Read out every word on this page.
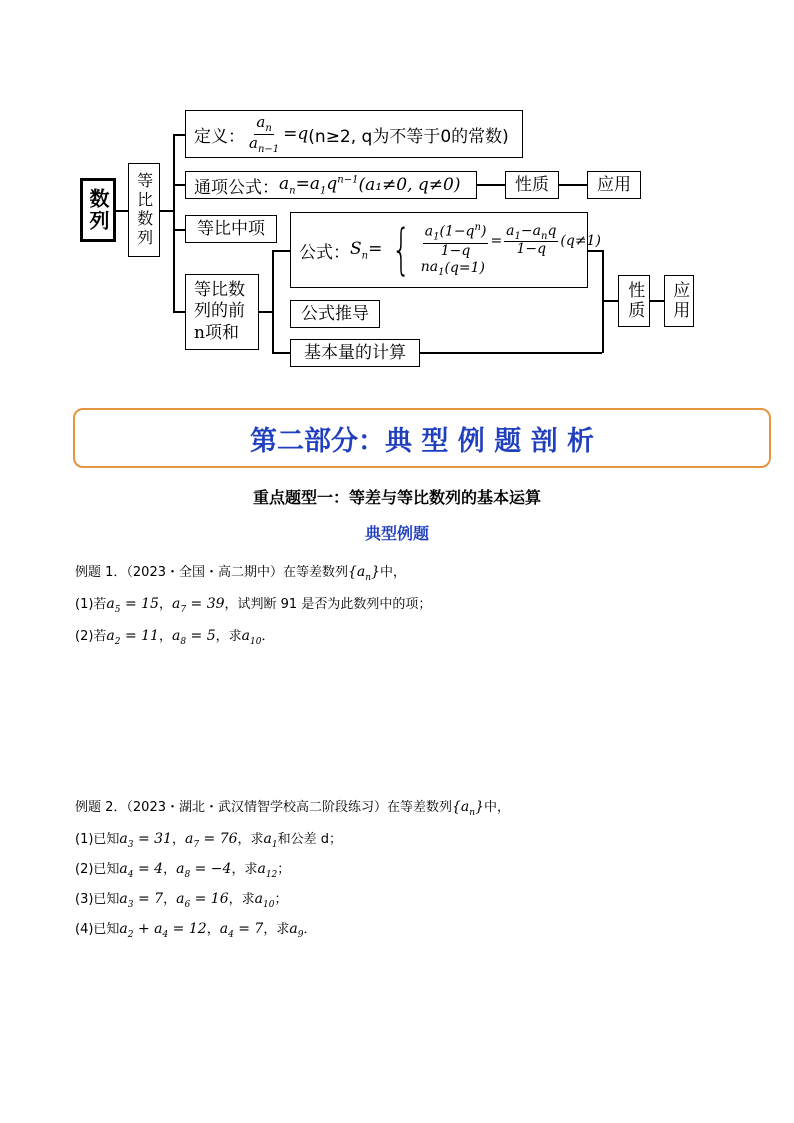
数列 等比数列
定义： $\frac{a_n}{a_{n-1}} =q$ (n≥2, q为不等于0的常数)
通项公式： $a_n=a_1q^{n-1}$ (a₁≠0, q≠0)	性质	应用
等比中项
等比数
列的前
n项和
公式： $S_n=$ { $\frac{a_1(1-q^n)}{1-q} = \frac{a_1-a_nq}{1-q} (q\ne 1)$
$na_1$ (q=1)
公式推导
基本量的计算
性质 应用
第二部分：典 型 例 题 剖 析
重点题型一：等差与等比数列的基本运算
典型例题
例题 1．（2023・全国・高二期中）在等差数列$\{a_n\}$中，
(1)若$a_5 = 15$，$a_7 = 39$，试判断 91 是否为此数列中的项；
(2)若$a_2 = 11$，$a_8 = 5$，求$a_{10}$．
例题 2．（2023・湖北・武汉情智学校高二阶段练习）在等差数列$\{a_n\}$中，
(1)已知$a_3 = 31$，$a_7 = 76$，求$a_1$和公差 d；
(2)已知$a_4 = 4$，$a_8 = -4$，求$a_{12}$；
(3)已知$a_3 = 7$，$a_6 = 16$，求$a_{10}$；
(4)已知$a_2 + a_4 = 12$，$a_4 = 7$，求$a_9$．
